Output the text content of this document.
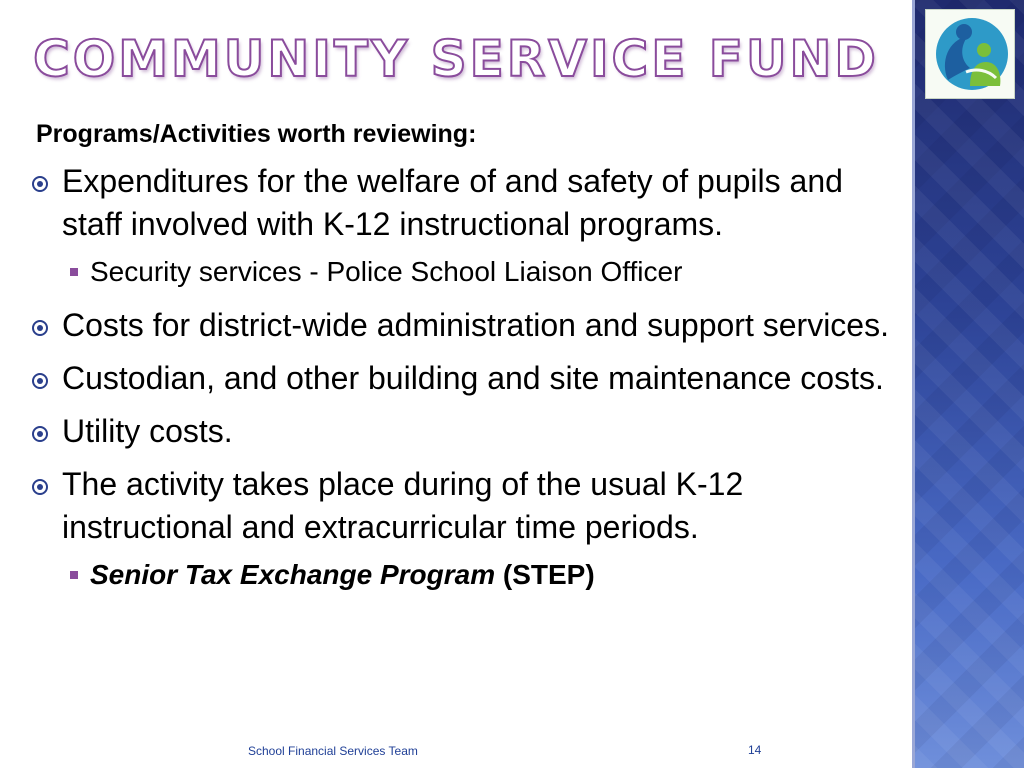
COMMUNITY SERVICE FUND
Programs/Activities worth reviewing:
Expenditures for the welfare of and safety of pupils and staff involved with K-12 instructional programs.
Security services - Police School Liaison Officer
Costs for district-wide administration and support services.
Custodian, and other building and site maintenance costs.
Utility costs.
The activity takes place during of the usual K-12 instructional and extracurricular time periods.
Senior Tax Exchange Program (STEP)
School Financial Services Team	14
